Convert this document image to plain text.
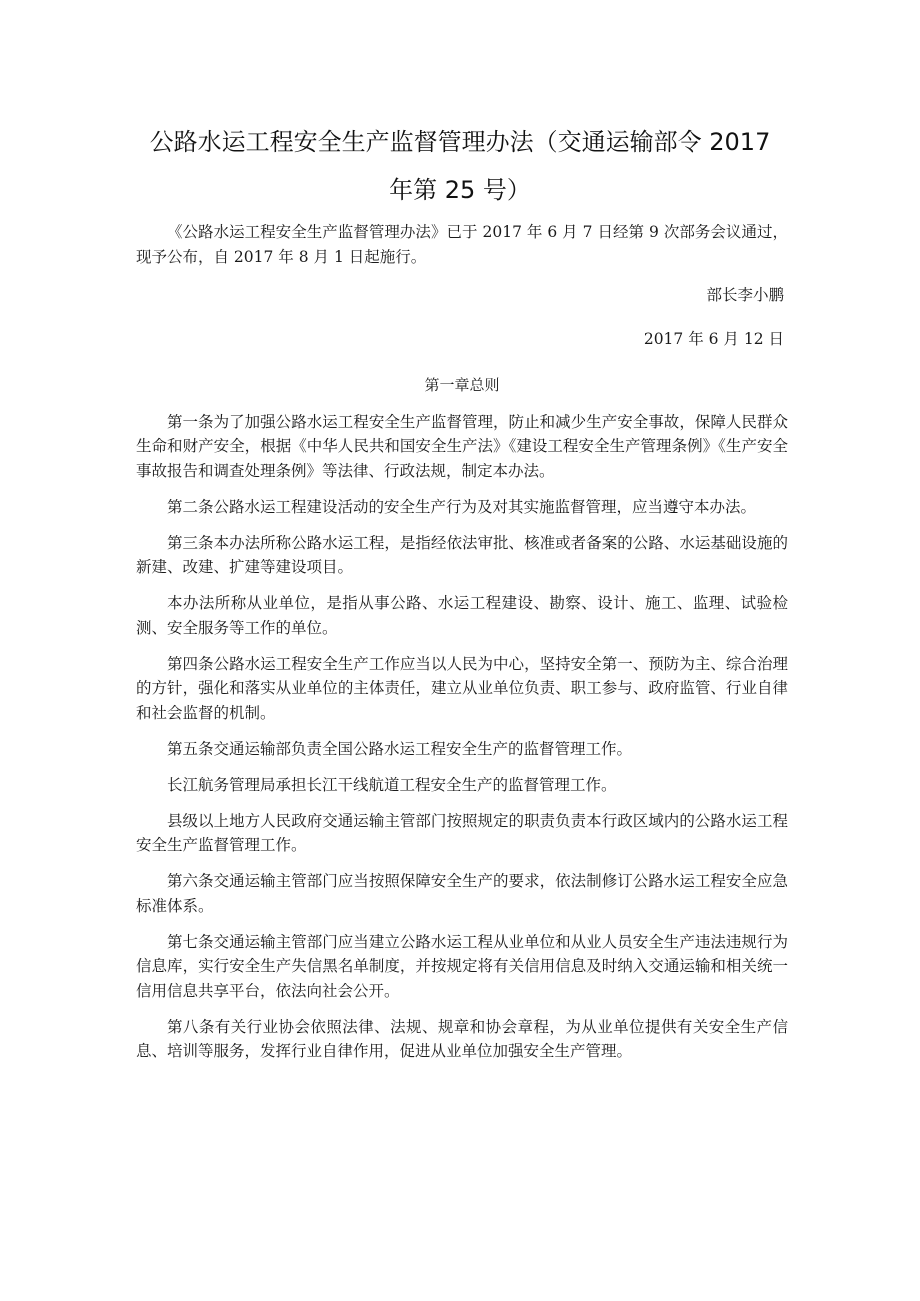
公路水运工程安全生产监督管理办法（交通运输部令 2017
年第 25 号）

《公路水运工程安全生产监督管理办法》已于 2017 年 6 月 7 日经第 9 次部务会议通过，现予公布，自 2017 年 8 月 1 日起施行。

部长李小鹏

2017 年 6 月 12 日

第一章总则

第一条为了加强公路水运工程安全生产监督管理，防止和减少生产安全事故，保障人民群众生命和财产安全，根据《中华人民共和国安全生产法》《建设工程安全生产管理条例》《生产安全事故报告和调查处理条例》等法律、行政法规，制定本办法。

第二条公路水运工程建设活动的安全生产行为及对其实施监督管理，应当遵守本办法。

第三条本办法所称公路水运工程，是指经依法审批、核准或者备案的公路、水运基础设施的新建、改建、扩建等建设项目。

本办法所称从业单位，是指从事公路、水运工程建设、勘察、设计、施工、监理、试验检测、安全服务等工作的单位。

第四条公路水运工程安全生产工作应当以人民为中心，坚持安全第一、预防为主、综合治理的方针，强化和落实从业单位的主体责任，建立从业单位负责、职工参与、政府监管、行业自律和社会监督的机制。

第五条交通运输部负责全国公路水运工程安全生产的监督管理工作。

长江航务管理局承担长江干线航道工程安全生产的监督管理工作。

县级以上地方人民政府交通运输主管部门按照规定的职责负责本行政区域内的公路水运工程安全生产监督管理工作。

第六条交通运输主管部门应当按照保障安全生产的要求，依法制修订公路水运工程安全应急标准体系。

第七条交通运输主管部门应当建立公路水运工程从业单位和从业人员安全生产违法违规行为信息库，实行安全生产失信黑名单制度，并按规定将有关信用信息及时纳入交通运输和相关统一信用信息共享平台，依法向社会公开。

第八条有关行业协会依照法律、法规、规章和协会章程，为从业单位提供有关安全生产信息、培训等服务，发挥行业自律作用，促进从业单位加强安全生产管理。
